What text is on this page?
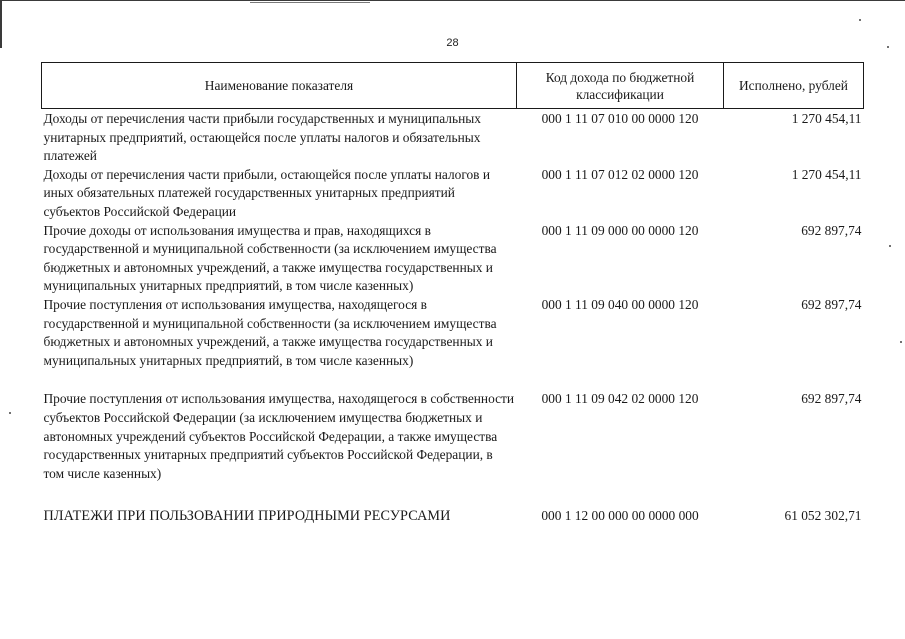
28
Наименование показателя	Код дохода по бюджетной классификации	Исполнено, рублей
Доходы от перечисления части прибыли государственных и муниципальных унитарных предприятий, остающейся после уплаты налогов и обязательных платежей	000 1 11 07 010 00 0000 120	1 270 454,11
Доходы от перечисления части прибыли, остающейся после уплаты налогов и иных обязательных платежей государственных унитарных предприятий субъектов Российской Федерации	000 1 11 07 012 02 0000 120	1 270 454,11
Прочие доходы от использования имущества и прав, находящихся в государственной и муниципальной собственности (за исключением имущества бюджетных и автономных учреждений, а также имущества государственных и муниципальных унитарных предприятий, в том числе казенных)	000 1 11 09 000 00 0000 120	692 897,74
Прочие поступления от использования имущества, находящегося в государственной и муниципальной собственности (за исключением имущества бюджетных и автономных учреждений, а также имущества государственных и муниципальных унитарных предприятий, в том числе казенных)	000 1 11 09 040 00 0000 120	692 897,74
Прочие поступления от использования имущества, находящегося в собственности субъектов Российской Федерации (за исключением имущества бюджетных и автономных учреждений субъектов Российской Федерации, а также имущества государственных унитарных предприятий субъектов Российской Федерации, в том числе казенных)	000 1 11 09 042 02 0000 120	692 897,74
ПЛАТЕЖИ ПРИ ПОЛЬЗОВАНИИ ПРИРОДНЫМИ РЕСУРСАМИ	000 1 12 00 000 00 0000 000	61 052 302,71
